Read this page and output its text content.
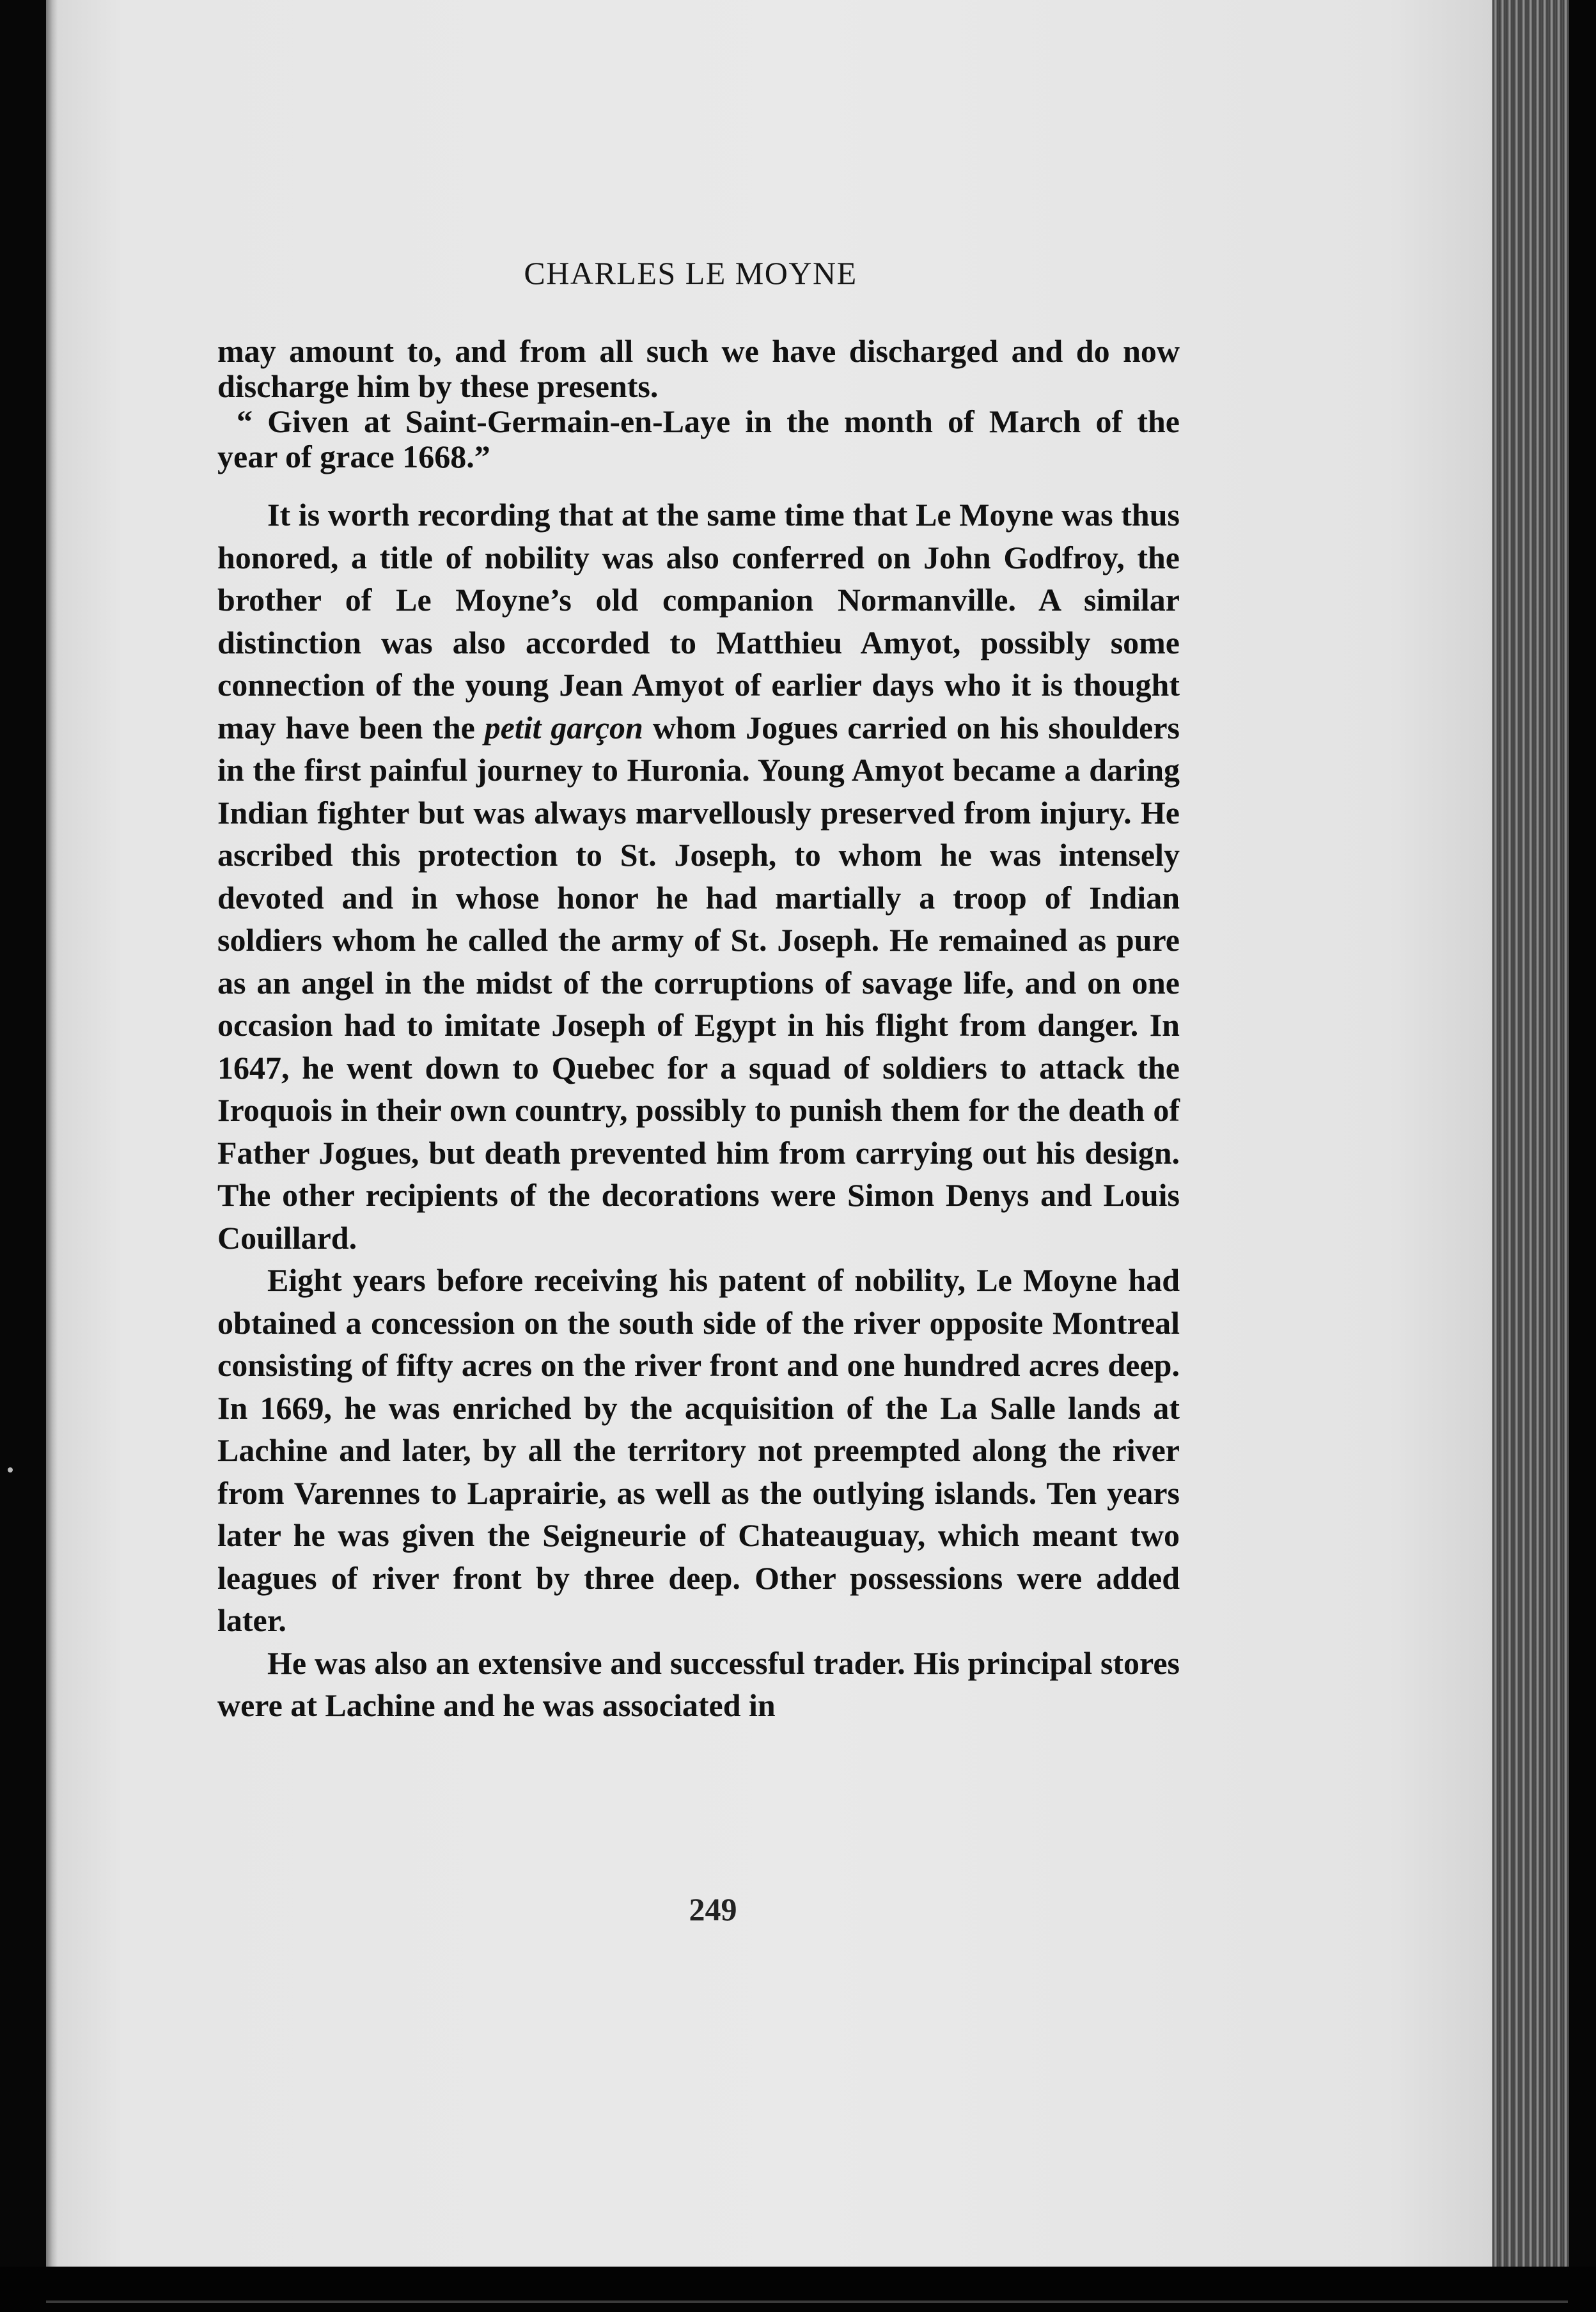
CHARLES LE MOYNE

may amount to, and from all such we have discharged and do now discharge him by these presents.

“ Given at Saint-Germain-en-Laye in the month of March of the year of grace 1668.”

It is worth recording that at the same time that Le Moyne was thus honored, a title of nobility was also conferred on John Godfroy, the brother of Le Moyne’s old companion Normanville. A similar distinction was also accorded to Matthieu Amyot, possibly some connection of the young Jean Amyot of earlier days who it is thought may have been the petit garçon whom Jogues carried on his shoulders in the first painful journey to Huronia. Young Amyot became a daring Indian fighter but was always marvellously preserved from injury. He ascribed this protection to St. Joseph, to whom he was intensely devoted and in whose honor he had martially a troop of Indian soldiers whom he called the army of St. Joseph. He remained as pure as an angel in the midst of the corruptions of savage life, and on one occasion had to imitate Joseph of Egypt in his flight from danger. In 1647, he went down to Quebec for a squad of soldiers to attack the Iroquois in their own country, possibly to punish them for the death of Father Jogues, but death prevented him from carrying out his design. The other recipients of the decorations were Simon Denys and Louis Couillard.

Eight years before receiving his patent of nobility, Le Moyne had obtained a concession on the south side of the river opposite Montreal consisting of fifty acres on the river front and one hundred acres deep. In 1669, he was enriched by the acquisition of the La Salle lands at Lachine and later, by all the territory not preempted along the river from Varennes to Laprairie, as well as the outlying islands. Ten years later he was given the Seigneurie of Chateauguay, which meant two leagues of river front by three deep. Other possessions were added later.

He was also an extensive and successful trader. His principal stores were at Lachine and he was associated in

249
